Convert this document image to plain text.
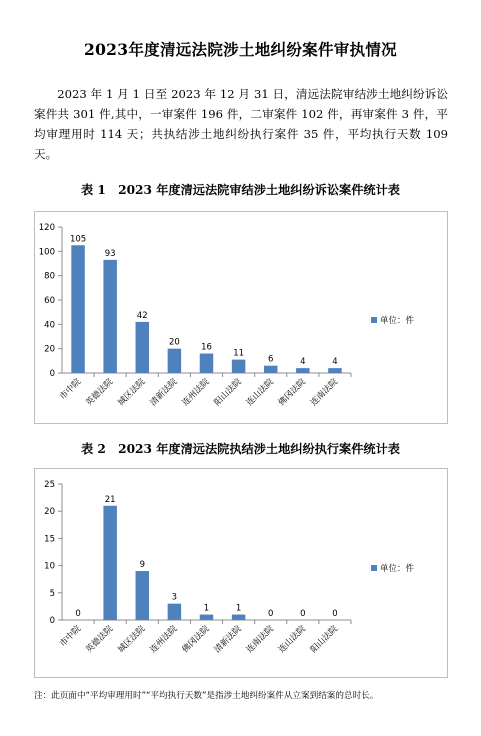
2023年度清远法院涉土地纠纷案件审执情况
2023 年 1 月 1 日至 2023 年 12 月 31 日，清远法院审结涉土地纠纷诉讼案件共 301 件,其中，一审案件 196 件，二审案件 102 件，再审案件 3 件，平均审理用时 114 天；共执结涉土地纠纷执行案件 35 件，平均执行天数 109 天。
表 1　2023 年度清远法院审结涉土地纠纷诉讼案件统计表
0
20
40
60
80
100
120
105
市中院
93
英德法院
42
城区法院
20
清新法院
16
连州法院
11
阳山法院
6
连山法院
4
佛冈法院
4
连南法院
单位：件
表 2　2023 年度清远法院执结涉土地纠纷执行案件统计表
0
5
10
15
20
25
0
市中院
21
英德法院
9
城区法院
3
连州法院
1
佛冈法院
1
清新法院
0
连南法院
0
连山法院
0
阳山法院
单位：件
注：此页面中“平均审理用时”“平均执行天数”是指涉土地纠纷案件从立案到结案的总时长。
